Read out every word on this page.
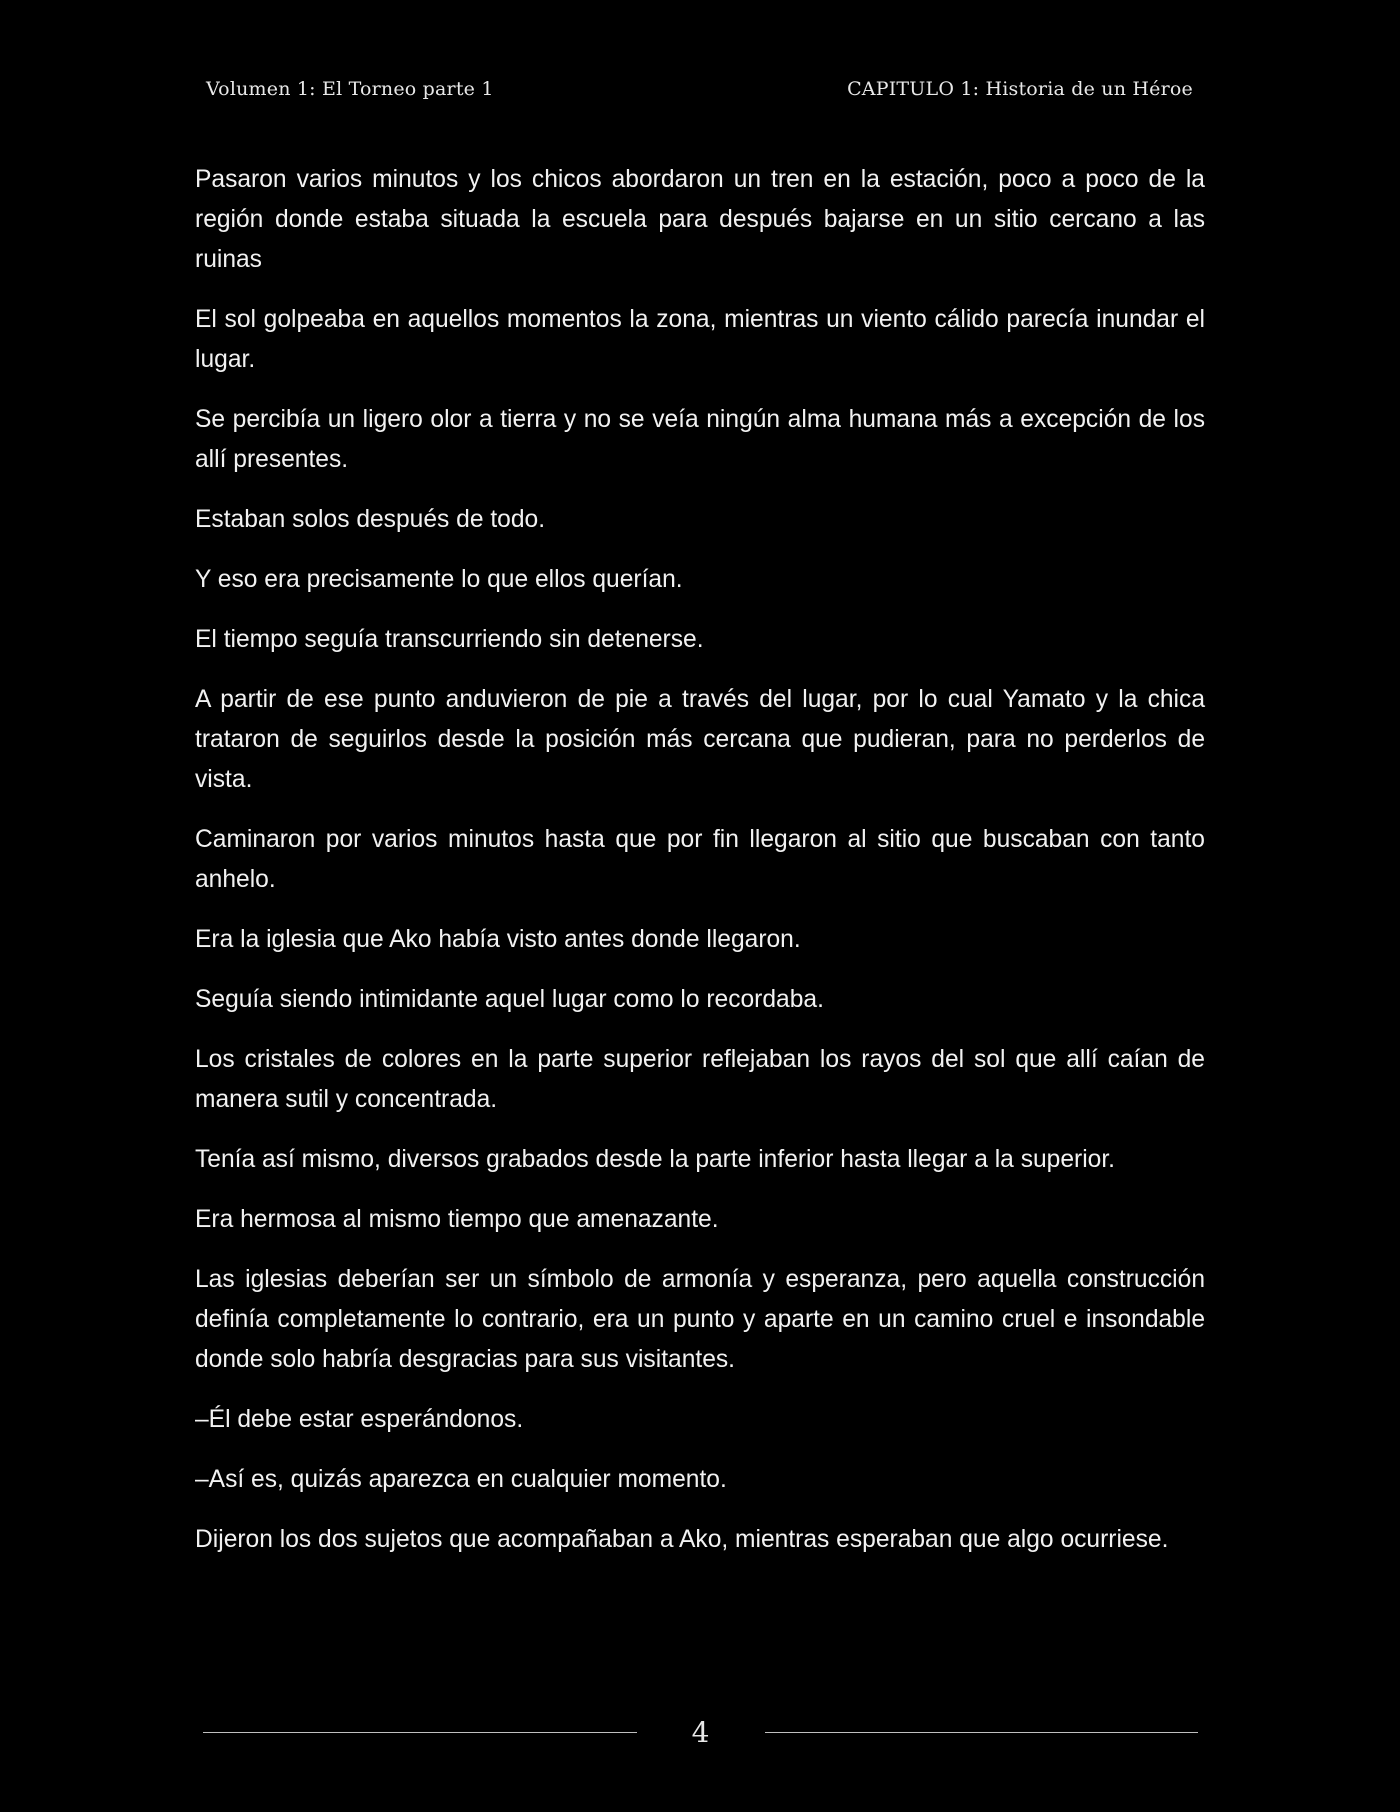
Volumen 1: El Torneo parte 1	CAPITULO 1: Historia de un Héroe

Pasaron varios minutos y los chicos abordaron un tren en la estación, poco a poco de la región donde estaba situada la escuela para después bajarse en un sitio cercano a las ruinas

El sol golpeaba en aquellos momentos la zona, mientras un viento cálido parecía inundar el lugar.

Se percibía un ligero olor a tierra y no se veía ningún alma humana más a excepción de los allí presentes.

Estaban solos después de todo.

Y eso era precisamente lo que ellos querían.

El tiempo seguía transcurriendo sin detenerse.

A partir de ese punto anduvieron de pie a través del lugar, por lo cual Yamato y la chica trataron de seguirlos desde la posición más cercana que pudieran, para no perderlos de vista.

Caminaron por varios minutos hasta que por fin llegaron al sitio que buscaban con tanto anhelo.

Era la iglesia que Ako había visto antes donde llegaron.

Seguía siendo intimidante aquel lugar como lo recordaba.

Los cristales de colores en la parte superior reflejaban los rayos del sol que allí caían de manera sutil y concentrada.

Tenía así mismo, diversos grabados desde la parte inferior hasta llegar a la superior.

Era hermosa al mismo tiempo que amenazante.

Las iglesias deberían ser un símbolo de armonía y esperanza, pero aquella construcción definía completamente lo contrario, era un punto y aparte en un camino cruel e insondable donde solo habría desgracias para sus visitantes.

–Él debe estar esperándonos.

–Así es, quizás aparezca en cualquier momento.

Dijeron los dos sujetos que acompañaban a Ako, mientras esperaban que algo ocurriese.

4
